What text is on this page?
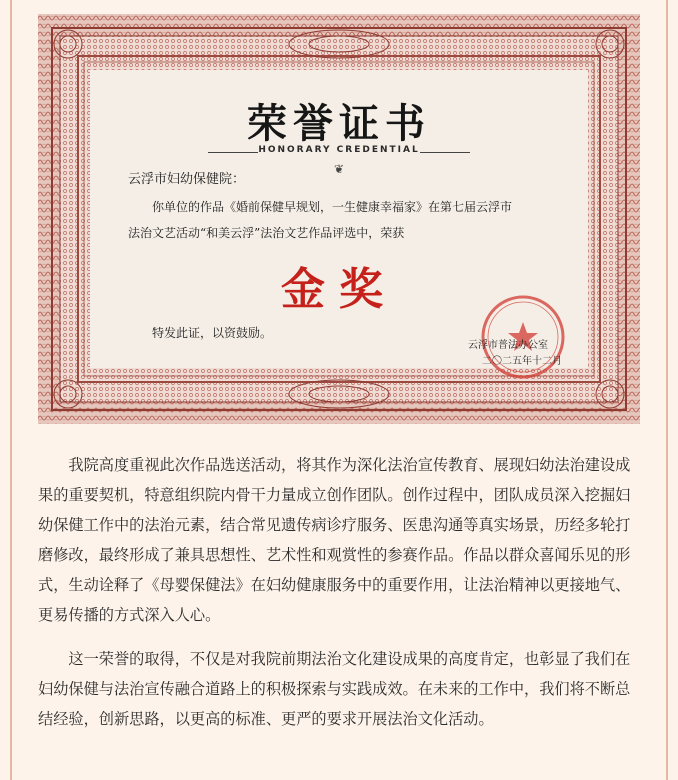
荣誉证书
HONORARY CREDENTIAL
❦
云浮市妇幼保健院：
你单位的作品《婚前保健早规划，一生健康幸福家》在第七届云浮市
法治文艺活动“和美云浮”法治文艺作品评选中，荣获
金奖
特发此证，以资鼓励。
云浮市普法办公室
二〇二五年十二月

我院高度重视此次作品选送活动，将其作为深化法治宣传教育、展现妇幼法治建设成果的重要契机，特意组织院内骨干力量成立创作团队。创作过程中，团队成员深入挖掘妇幼保健工作中的法治元素，结合常见遗传病诊疗服务、医患沟通等真实场景，历经多轮打磨修改，最终形成了兼具思想性、艺术性和观赏性的参赛作品。作品以群众喜闻乐见的形式，生动诠释了《母婴保健法》在妇幼健康服务中的重要作用，让法治精神以更接地气、更易传播的方式深入人心。

这一荣誉的取得，不仅是对我院前期法治文化建设成果的高度肯定，也彰显了我们在妇幼保健与法治宣传融合道路上的积极探索与实践成效。在未来的工作中，我们将不断总结经验，创新思路，以更高的标准、更严的要求开展法治文化活动。
